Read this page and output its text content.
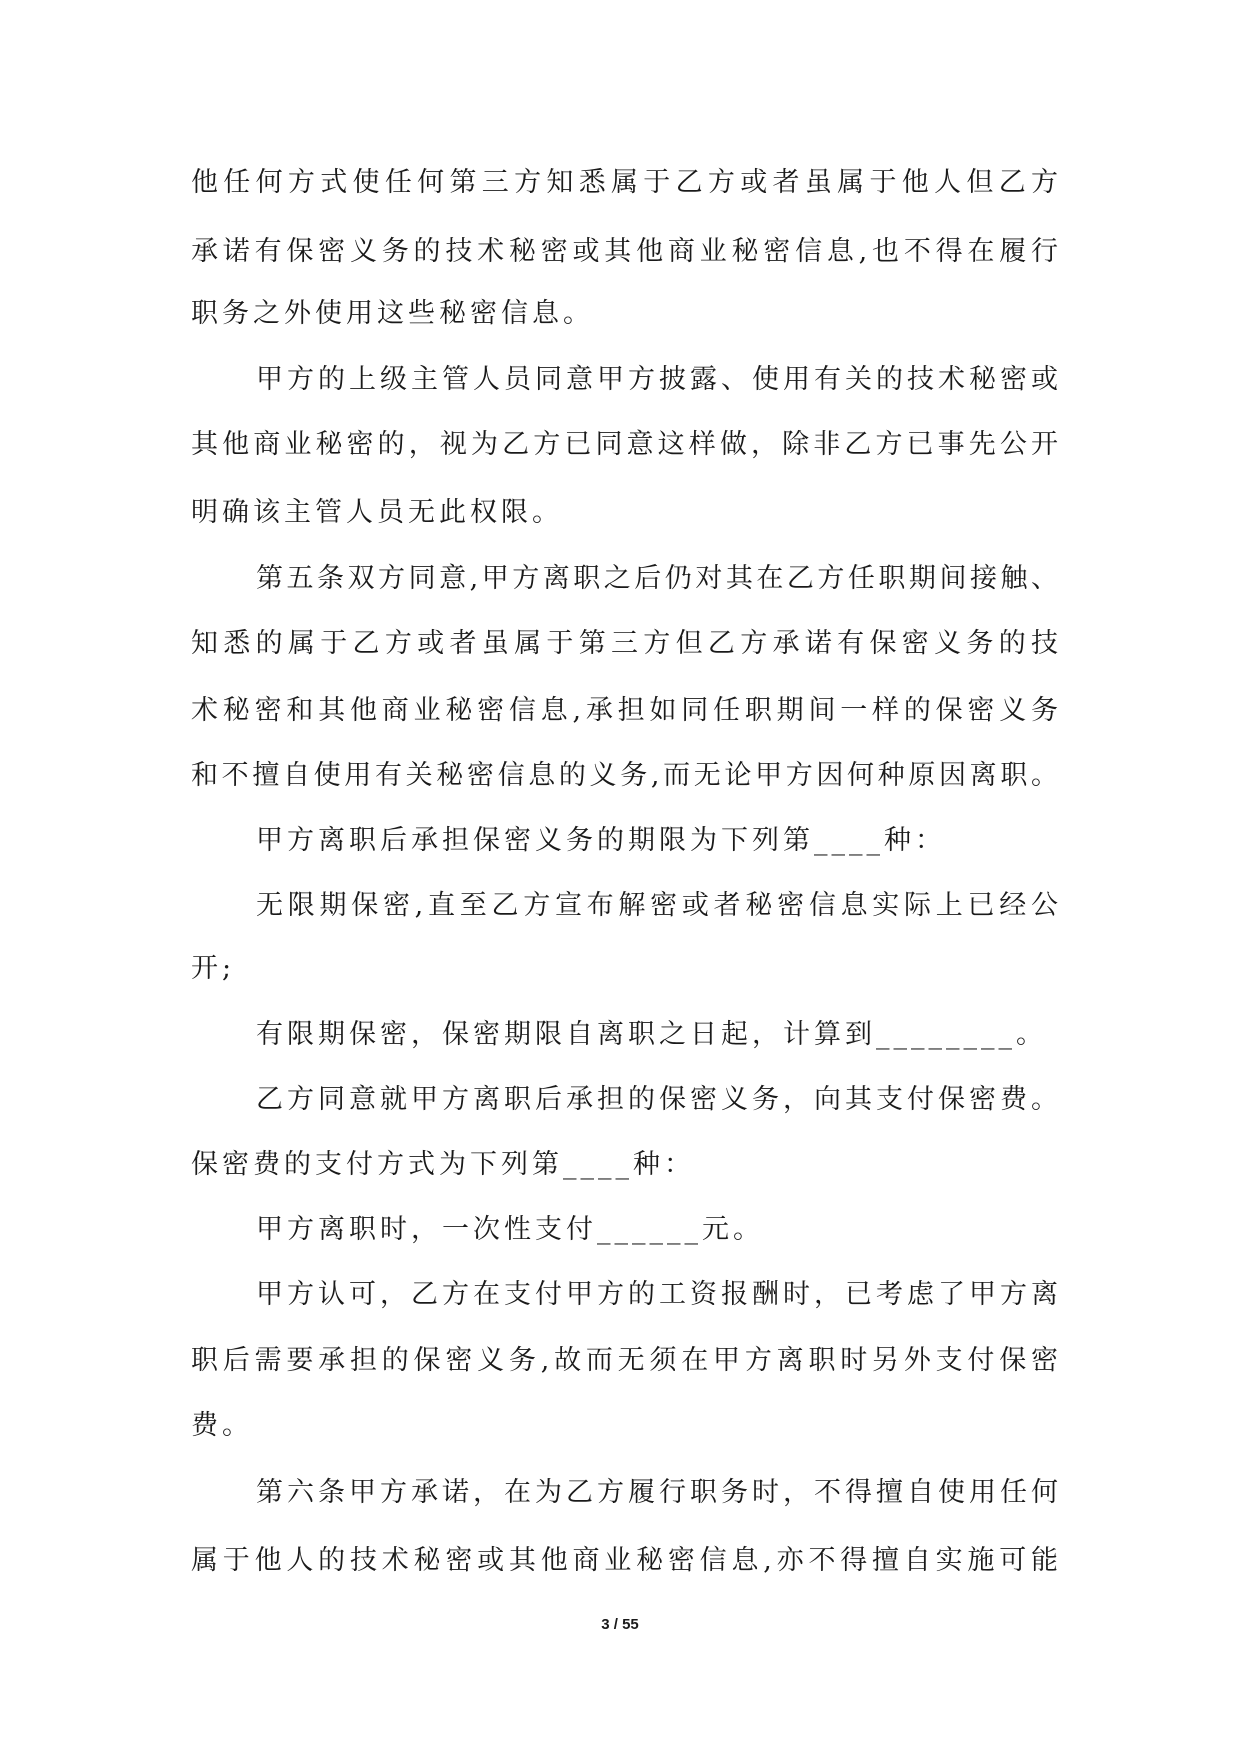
他任何方式使任何第三方知悉属于乙方或者虽属于他人但乙方
承诺有保密义务的技术秘密或其他商业秘密信息,也不得在履行
职务之外使用这些秘密信息。
甲方的上级主管人员同意甲方披露、使用有关的技术秘密或
其他商业秘密的，视为乙方已同意这样做，除非乙方已事先公开
明确该主管人员无此权限。
第五条双方同意,甲方离职之后仍对其在乙方任职期间接触、
知悉的属于乙方或者虽属于第三方但乙方承诺有保密义务的技
术秘密和其他商业秘密信息,承担如同任职期间一样的保密义务
和不擅自使用有关秘密信息的义务,而无论甲方因何种原因离职。
甲方离职后承担保密义务的期限为下列第____种：
无限期保密,直至乙方宣布解密或者秘密信息实际上已经公
开;
有限期保密，保密期限自离职之日起，计算到________。
乙方同意就甲方离职后承担的保密义务，向其支付保密费。
保密费的支付方式为下列第____种：
甲方离职时，一次性支付______元。
甲方认可，乙方在支付甲方的工资报酬时，已考虑了甲方离
职后需要承担的保密义务,故而无须在甲方离职时另外支付保密
费。
第六条甲方承诺，在为乙方履行职务时，不得擅自使用任何
属于他人的技术秘密或其他商业秘密信息,亦不得擅自实施可能
3 / 55
